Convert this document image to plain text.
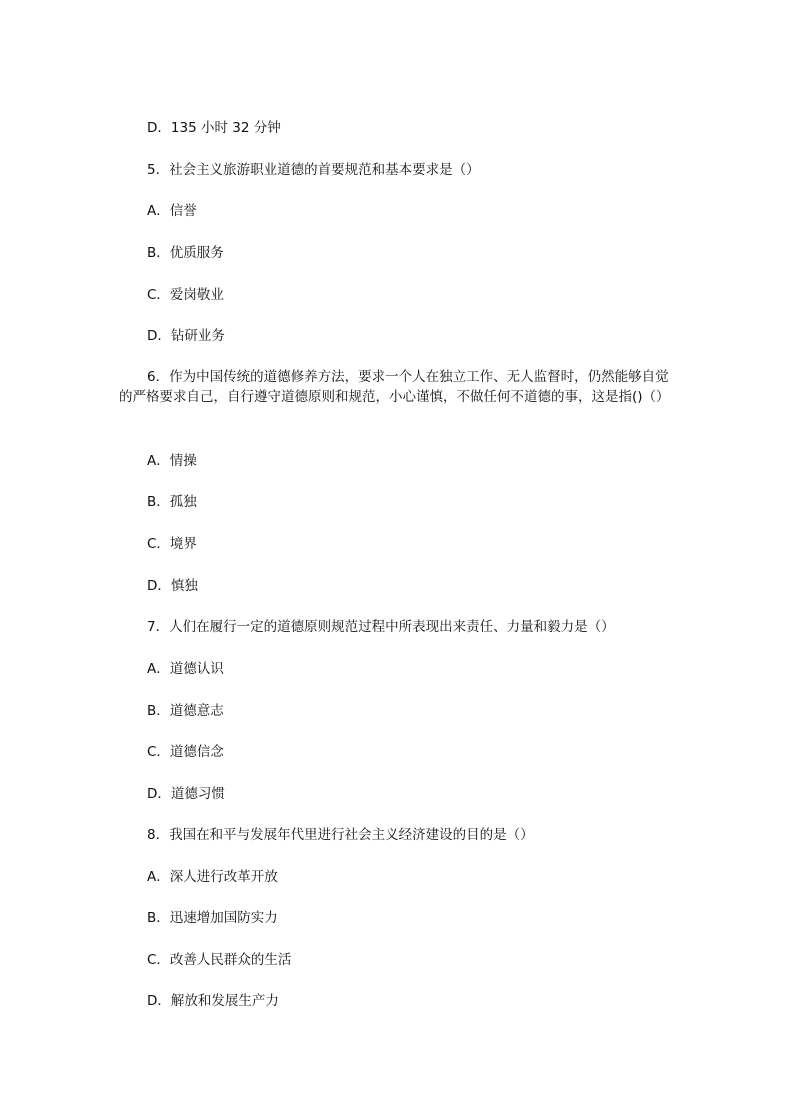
D．135 小时 32 分钟
5．社会主义旅游职业道德的首要规范和基本要求是（）
A．信誉
B．优质服务
C．爱岗敬业
D．钻研业务
6．作为中国传统的道德修养方法，要求一个人在独立工作、无人监督时，仍然能够自觉的严格要求自己，自行遵守道德原则和规范，小心谨慎，不做任何不道德的事，这是指()（）
A．情操
B．孤独
C．境界
D．慎独
7．人们在履行一定的道德原则规范过程中所表现出来责任、力量和毅力是（）
A．道德认识
B．道德意志
C．道德信念
D．道德习惯
8．我国在和平与发展年代里进行社会主义经济建设的目的是（）
A．深人进行改革开放
B．迅速增加国防实力
C．改善人民群众的生活
D．解放和发展生产力
